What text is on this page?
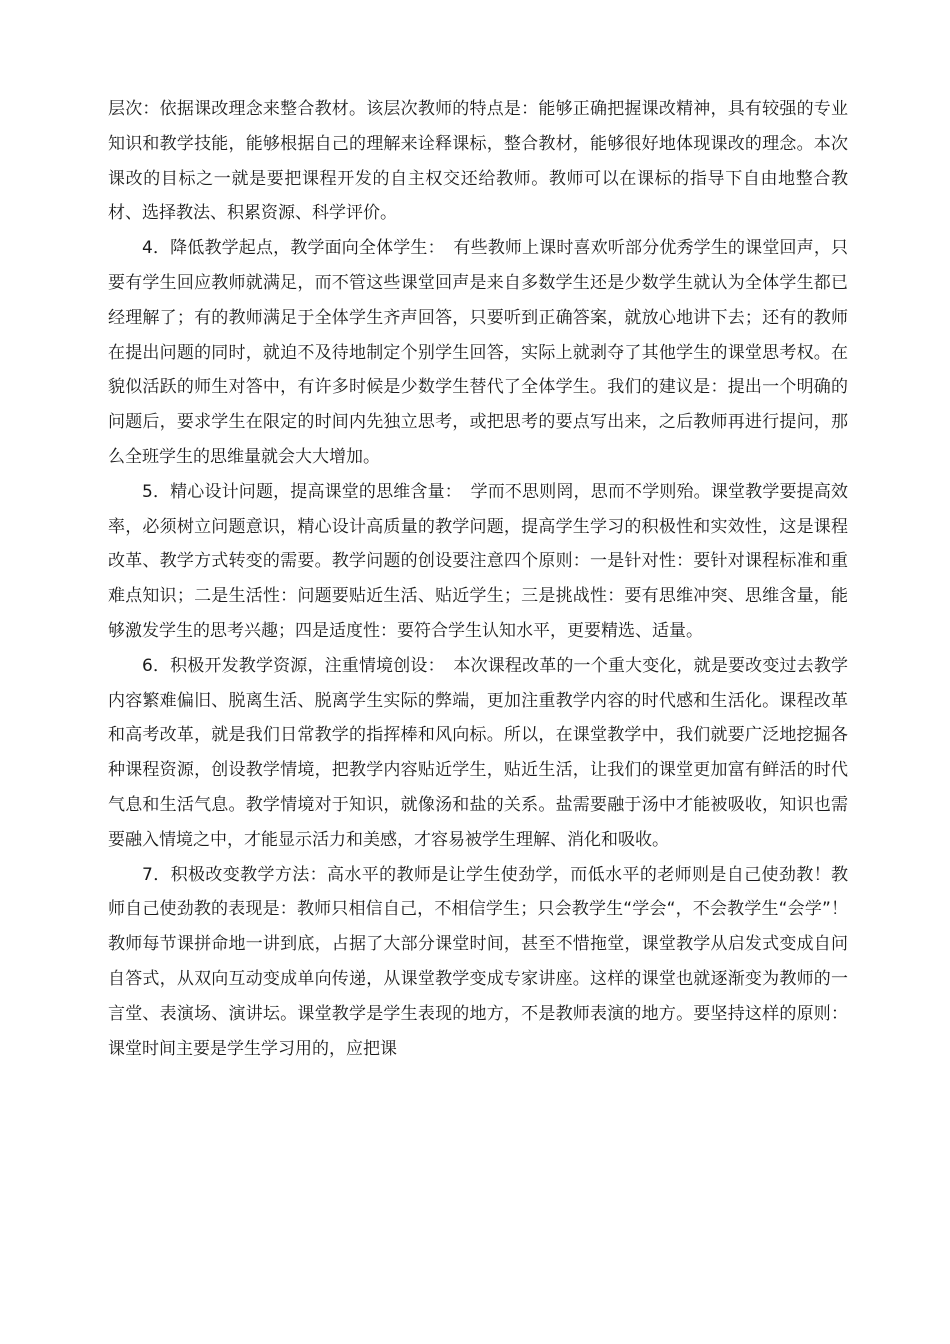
层次：依据课改理念来整合教材。该层次教师的特点是：能够正确把握课改精神，具有较强的专业知识和教学技能，能够根据自己的理解来诠释课标，整合教材，能够很好地体现课改的理念。本次课改的目标之一就是要把课程开发的自主权交还给教师。教师可以在课标的指导下自由地整合教材、选择教法、积累资源、科学评价。

4．降低教学起点，教学面向全体学生：　有些教师上课时喜欢听部分优秀学生的课堂回声，只要有学生回应教师就满足，而不管这些课堂回声是来自多数学生还是少数学生就认为全体学生都已经理解了；有的教师满足于全体学生齐声回答，只要听到正确答案，就放心地讲下去；还有的教师在提出问题的同时，就迫不及待地制定个别学生回答，实际上就剥夺了其他学生的课堂思考权。在貌似活跃的师生对答中，有许多时候是少数学生替代了全体学生。我们的建议是：提出一个明确的问题后，要求学生在限定的时间内先独立思考，或把思考的要点写出来，之后教师再进行提问，那么全班学生的思维量就会大大增加。

5．精心设计问题，提高课堂的思维含量：　学而不思则罔，思而不学则殆。课堂教学要提高效率，必须树立问题意识，精心设计高质量的教学问题，提高学生学习的积极性和实效性，这是课程改革、教学方式转变的需要。教学问题的创设要注意四个原则：一是针对性：要针对课程标准和重难点知识；二是生活性：问题要贴近生活、贴近学生；三是挑战性：要有思维冲突、思维含量，能够激发学生的思考兴趣；四是适度性：要符合学生认知水平，更要精选、适量。

6．积极开发教学资源，注重情境创设：　本次课程改革的一个重大变化，就是要改变过去教学内容繁难偏旧、脱离生活、脱离学生实际的弊端，更加注重教学内容的时代感和生活化。课程改革和高考改革，就是我们日常教学的指挥棒和风向标。所以，在课堂教学中，我们就要广泛地挖掘各种课程资源，创设教学情境，把教学内容贴近学生，贴近生活，让我们的课堂更加富有鲜活的时代气息和生活气息。教学情境对于知识，就像汤和盐的关系。盐需要融于汤中才能被吸收，知识也需要融入情境之中，才能显示活力和美感，才容易被学生理解、消化和吸收。

7．积极改变教学方法：高水平的教师是让学生使劲学，而低水平的老师则是自己使劲教！教师自己使劲教的表现是：教师只相信自己，不相信学生；只会教学生“学会“，不会教学生“会学”！教师每节课拼命地一讲到底，占据了大部分课堂时间，甚至不惜拖堂，课堂教学从启发式变成自问自答式，从双向互动变成单向传递，从课堂教学变成专家讲座。这样的课堂也就逐渐变为教师的一言堂、表演场、演讲坛。课堂教学是学生表现的地方，不是教师表演的地方。要坚持这样的原则：课堂时间主要是学生学习用的，应把课
